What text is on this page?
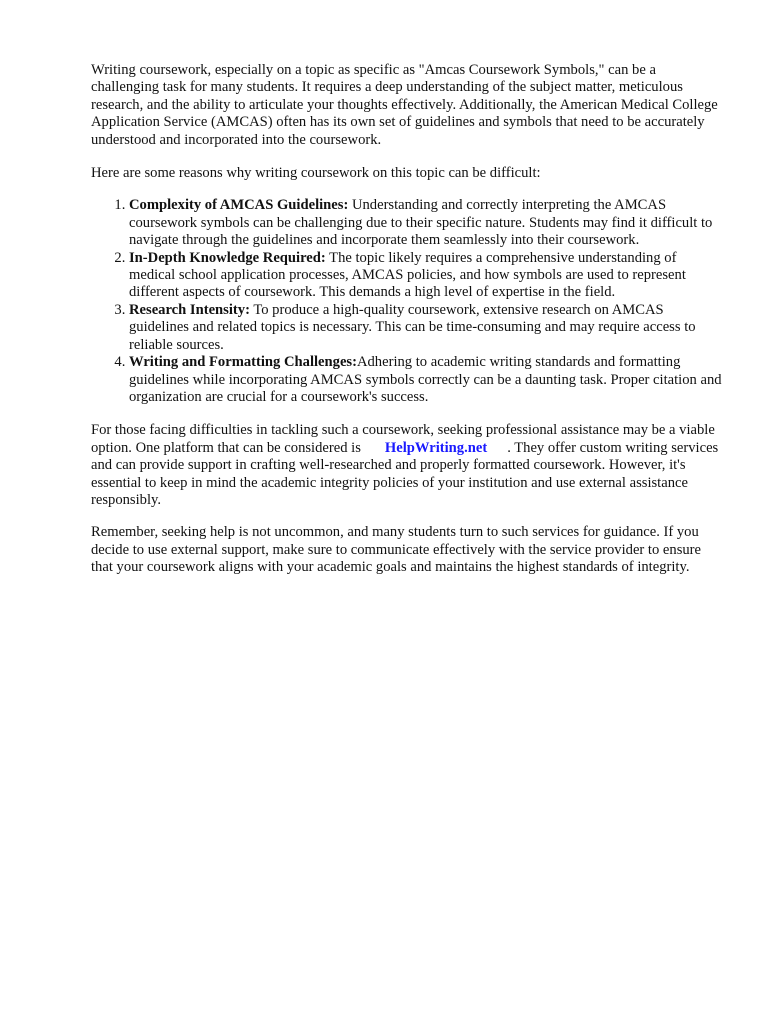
Writing coursework, especially on a topic as specific as "Amcas Coursework Symbols," can be a challenging task for many students. It requires a deep understanding of the subject matter, meticulous research, and the ability to articulate your thoughts effectively. Additionally, the American Medical College Application Service (AMCAS) often has its own set of guidelines and symbols that need to be accurately understood and incorporated into the coursework.

Here are some reasons why writing coursework on this topic can be difficult:

1. Complexity of AMCAS Guidelines: Understanding and correctly interpreting the AMCAS coursework symbols can be challenging due to their specific nature. Students may find it difficult to navigate through the guidelines and incorporate them seamlessly into their coursework.
2. In-Depth Knowledge Required: The topic likely requires a comprehensive understanding of medical school application processes, AMCAS policies, and how symbols are used to represent different aspects of coursework. This demands a high level of expertise in the field.
3. Research Intensity: To produce a high-quality coursework, extensive research on AMCAS guidelines and related topics is necessary. This can be time-consuming and may require access to reliable sources.
4. Writing and Formatting Challenges:Adhering to academic writing standards and formatting guidelines while incorporating AMCAS symbols correctly can be a daunting task. Proper citation and organization are crucial for a coursework's success.

For those facing difficulties in tackling such a coursework, seeking professional assistance may be a viable option. One platform that can be considered is HelpWriting.net . They offer custom writing services and can provide support in crafting well-researched and properly formatted coursework. However, it's essential to keep in mind the academic integrity policies of your institution and use external assistance responsibly.

Remember, seeking help is not uncommon, and many students turn to such services for guidance. If you decide to use external support, make sure to communicate effectively with the service provider to ensure that your coursework aligns with your academic goals and maintains the highest standards of integrity.
